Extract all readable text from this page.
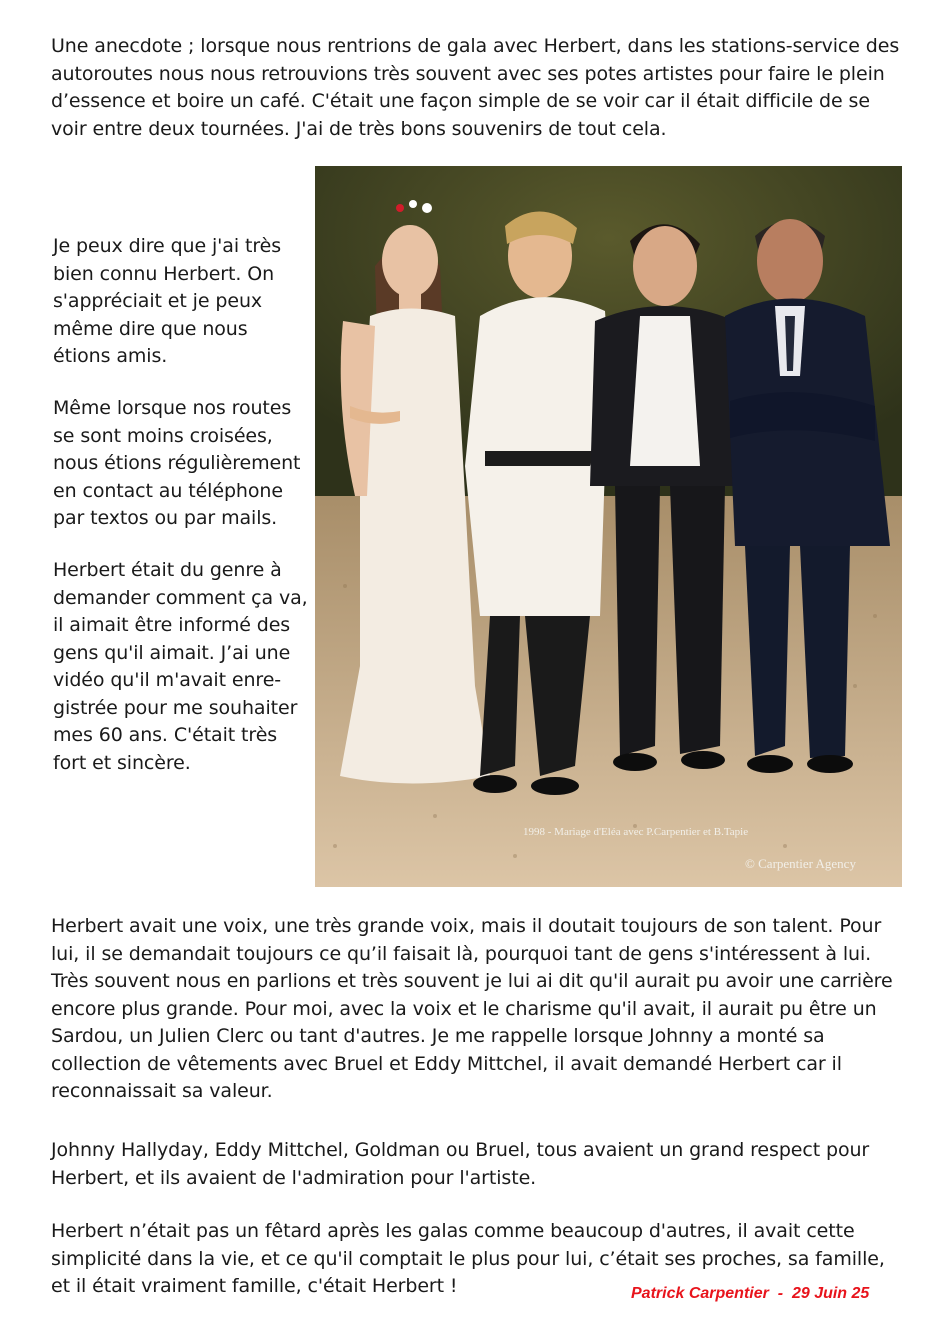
Une anecdote ; lorsque nous rentrions de gala avec Herbert, dans les stations-service des
autoroutes nous nous retrouvions très souvent avec ses potes artistes pour faire le plein
d’essence et boire un café. C'était une façon simple de se voir car il était difficile de se
voir entre deux tournées. J'ai de très bons souvenirs de tout cela.

Je peux dire que j'ai très
bien connu Herbert. On
s'appréciait et je peux
même dire que nous
étions amis.

Même lorsque nos routes
se sont moins croisées,
nous étions régulièrement
en contact au téléphone
par textos ou par mails.

Herbert était du genre à
demander comment ça va,
il aimait être informé des
gens qu'il aimait. J’ai une
vidéo qu'il m'avait enre-
gistrée pour me souhaiter
mes 60 ans. C'était très
fort et sincère.

1998 - Mariage d'Eléa avec P.Carpentier et B.Tapie
© Carpentier Agency

Herbert avait une voix, une très grande voix, mais il doutait toujours de son talent. Pour
lui, il se demandait toujours ce qu’il faisait là, pourquoi tant de gens s'intéressent à lui.
Très souvent nous en parlions et très souvent je lui ai dit qu'il aurait pu avoir une carrière
encore plus grande. Pour moi, avec la voix et le charisme qu'il avait, il aurait pu être un
Sardou, un Julien Clerc ou tant d'autres. Je me rappelle lorsque Johnny a monté sa
collection de vêtements avec Bruel et Eddy Mittchel, il avait demandé Herbert car il
reconnaissait sa valeur.

Johnny Hallyday, Eddy Mittchel, Goldman ou Bruel, tous avaient un grand respect pour
Herbert, et ils avaient de l'admiration pour l'artiste.

Herbert n’était pas un fêtard après les galas comme beaucoup d'autres, il avait cette
simplicité dans la vie, et ce qu'il comptait le plus pour lui, c’était ses proches, sa famille,
et il était vraiment famille, c'était Herbert !	Patrick Carpentier  -  29 Juin 25
